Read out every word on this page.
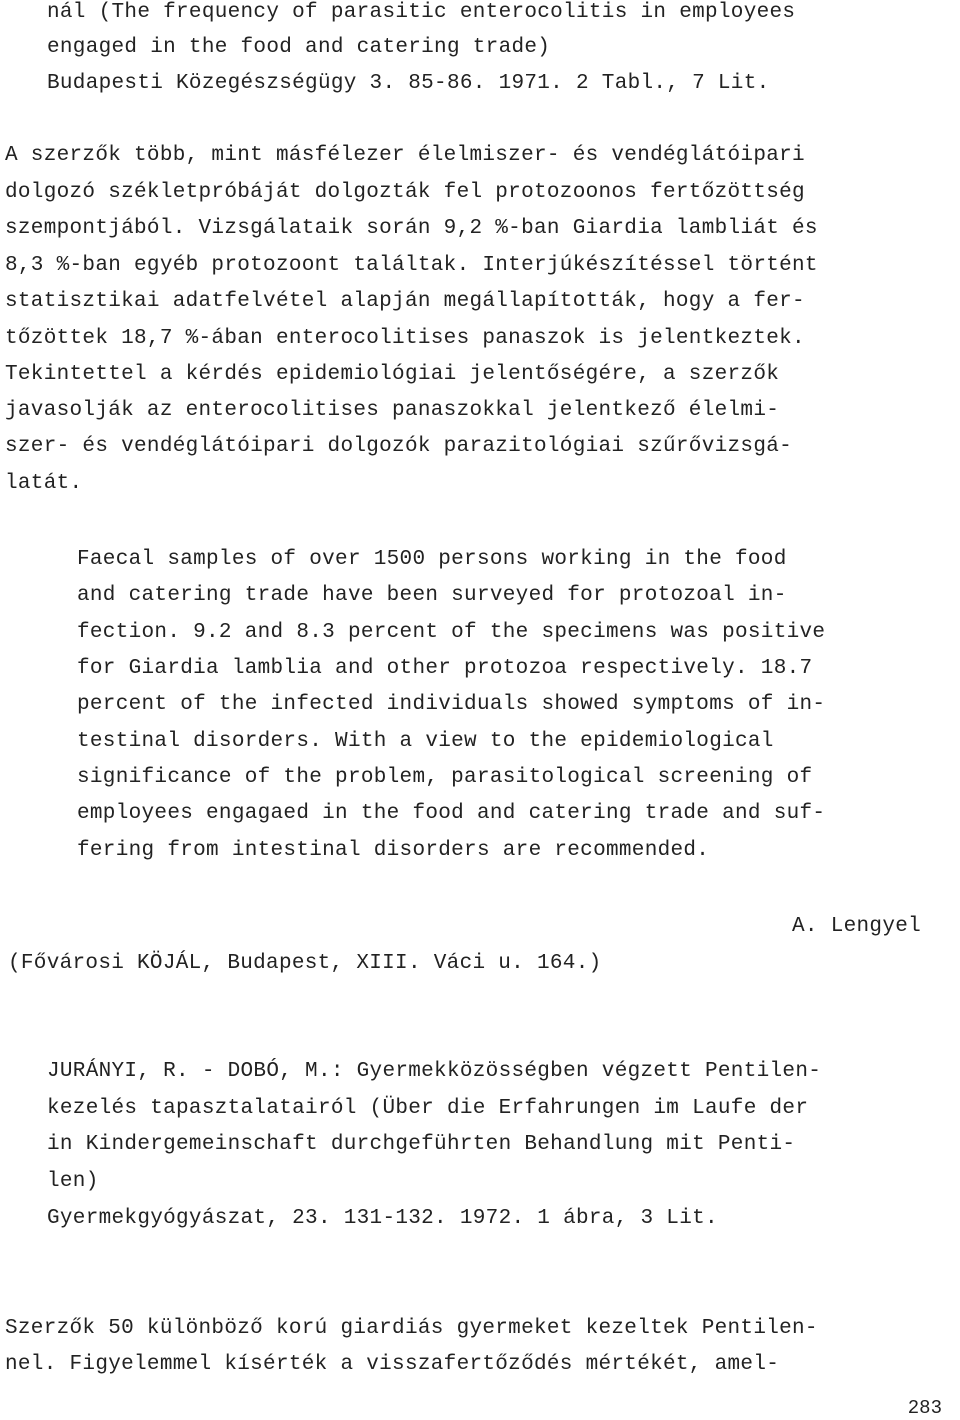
nál (The frequency of parasitic enterocolitis in employees
engaged in the food and catering trade)
Budapesti Közegészségügy 3. 85-86. 1971. 2 Tabl., 7 Lit.
A szerzők több, mint másfélezer élelmiszer- és vendéglátóipari
dolgozó székletpróbáját dolgozták fel protozoonos fertőzöttség
szempontjából. Vizsgálataik során 9,2 %-ban Giardia lambliát és
8,3 %-ban egyéb protozoont találtak. Interjúkészítéssel történt
statisztikai adatfelvétel alapján megállapították, hogy a fer-
tőzöttek 18,7 %-ában enterocolitises panaszok is jelentkeztek.
Tekintettel a kérdés epidemiológiai jelentőségére, a szerzők
javasolják az enterocolitises panaszokkal jelentkező élelmi-
szer- és vendéglátóipari dolgozók parazitológiai szűrővizsgá-
latát.
Faecal samples of over 1500 persons working in the food
and catering trade have been surveyed for protozoal in-
fection. 9.2 and 8.3 percent of the specimens was positive
for Giardia lamblia and other protozoa respectively. 18.7
percent of the infected individuals showed symptoms of in-
testinal disorders. With a view to the epidemiological
significance of the problem, parasitological screening of
employees engagaed in the food and catering trade and suf-
fering from intestinal disorders are recommended.
A. Lengyel
(Fővárosi KÖJÁL, Budapest, XIII. Váci u. 164.)
JURÁNYI, R. - DOBÓ, M.: Gyermekközösségben végzett Pentilen-
kezelés tapasztalatairól (Über die Erfahrungen im Laufe der
in Kindergemeinschaft durchgeführten Behandlung mit Penti-
len)
Gyermekgyógyászat, 23. 131-132. 1972. 1 ábra, 3 Lit.
Szerzők 50 különböző korú giardiás gyermeket kezeltek Pentilen-
nel. Figyelemmel kísérték a visszafertőződés mértékét, amel-
283
